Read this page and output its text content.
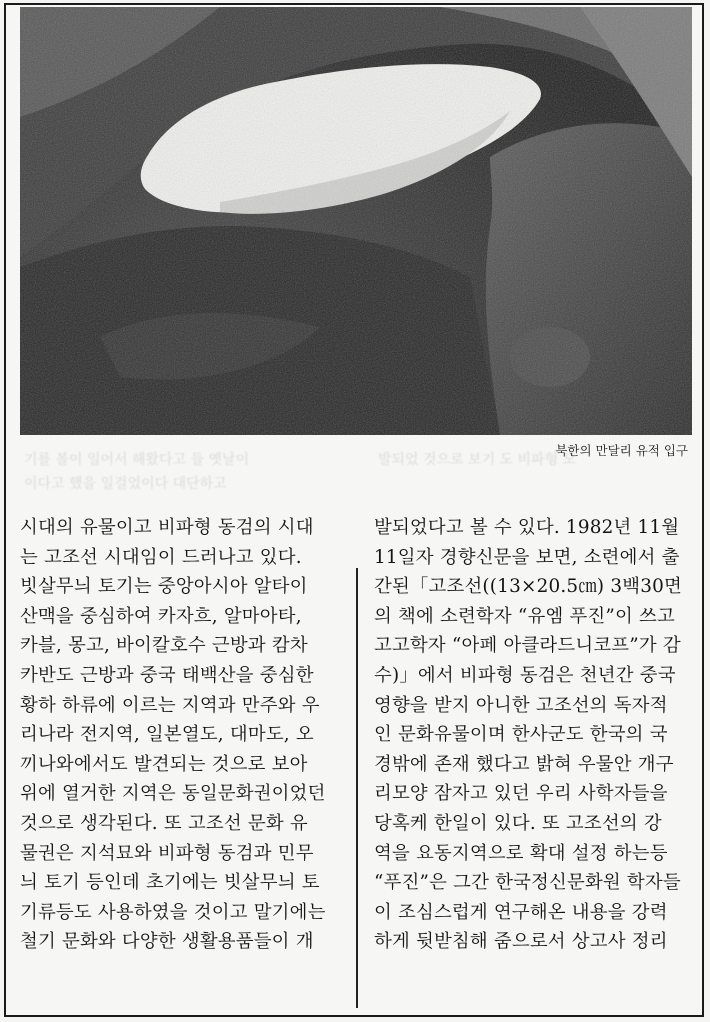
북한의 만달리 유적 입구
기를 볼이 일어서 해왔다고 들 옛날이
이다고 했을 일걸었이다 대단하고
발되었 것으로 보기 도 비파형 모
시대의 유물이고 비파형 동검의 시대
는 고조선 시대임이 드러나고 있다.
빗살무늬 토기는 중앙아시아 알타이
산맥을 중심하여 카자흐, 알마아타,
카블, 몽고, 바이칼호수 근방과 캄차
카반도 근방과 중국 태백산을 중심한
황하 하류에 이르는 지역과 만주와 우
리나라 전지역, 일본열도, 대마도, 오
끼나와에서도 발견되는 것으로 보아
위에 열거한 지역은 동일문화권이었던
것으로 생각된다. 또 고조선 문화 유
물권은 지석묘와 비파형 동검과 민무
늬 토기 등인데 초기에는 빗살무늬 토
기류등도 사용하였을 것이고 말기에는
철기 문화와 다양한 생활용품들이 개
발되었다고 볼 수 있다. 1982년 11월
11일자 경향신문을 보면, 소련에서 출
간된「고조선((13×20.5㎝) 3백30면
의 책에 소련학자 “유엠 푸진”이 쓰고
고고학자 “아페 아클라드니코프”가 감
수)」에서 비파형 동검은 천년간 중국
영향을 받지 아니한 고조선의 독자적
인 문화유물이며 한사군도 한국의 국
경밖에 존재 했다고 밝혀 우물안 개구
리모양 잠자고 있던 우리 사학자들을
당혹케 한일이 있다. 또 고조선의 강
역을 요동지역으로 확대 설정 하는등
“푸진”은 그간 한국정신문화원 학자들
이 조심스럽게 연구해온 내용을 강력
하게 뒷받침해 줌으로서 상고사 정리
